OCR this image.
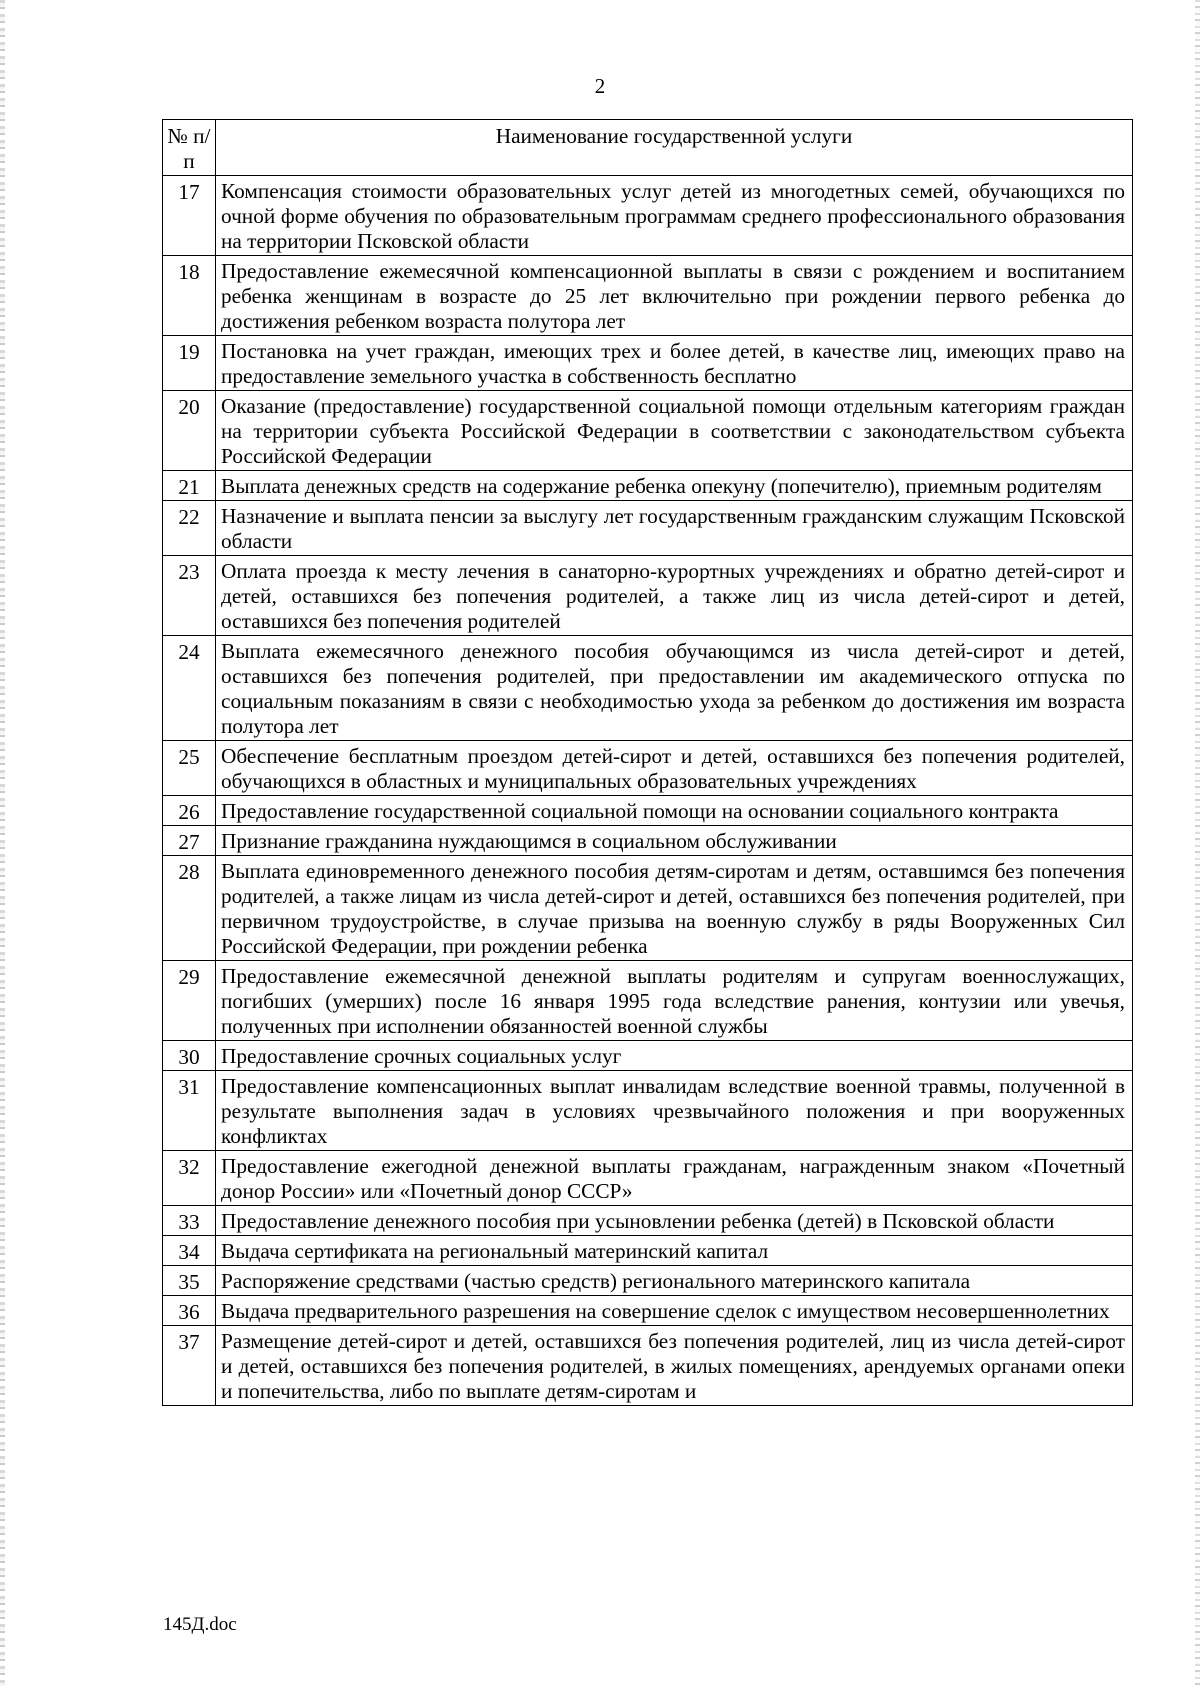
2
№ п/п	Наименование государственной услуги
17	Компенсация стоимости образовательных услуг детей из многодетных семей, обучающихся по очной форме обучения по образовательным программам среднего профессионального образования на территории Псковской области
18	Предоставление ежемесячной компенсационной выплаты в связи с рождением и воспитанием ребенка женщинам в возрасте до 25 лет включительно при рождении первого ребенка до достижения ребенком возраста полутора лет
19	Постановка на учет граждан, имеющих трех и более детей, в качестве лиц, имеющих право на предоставление земельного участка в собственность бесплатно
20	Оказание (предоставление) государственной социальной помощи отдельным категориям граждан на территории субъекта Российской Федерации в соответствии с законодательством субъекта Российской Федерации
21	Выплата денежных средств на содержание ребенка опекуну (попечителю), приемным родителям
22	Назначение и выплата пенсии за выслугу лет государственным гражданским служащим Псковской области
23	Оплата проезда к месту лечения в санаторно-курортных учреждениях и обратно детей-сирот и детей, оставшихся без попечения родителей, а также лиц из числа детей-сирот и детей, оставшихся без попечения родителей
24	Выплата ежемесячного денежного пособия обучающимся из числа детей-сирот и детей, оставшихся без попечения родителей, при предоставлении им академического отпуска по социальным показаниям в связи с необходимостью ухода за ребенком до достижения им возраста полутора лет
25	Обеспечение бесплатным проездом детей-сирот и детей, оставшихся без попечения родителей, обучающихся в областных и муниципальных образовательных учреждениях
26	Предоставление государственной социальной помощи на основании социального контракта
27	Признание гражданина нуждающимся в социальном обслуживании
28	Выплата единовременного денежного пособия детям-сиротам и детям, оставшимся без попечения родителей, а также лицам из числа детей-сирот и детей, оставшихся без попечения родителей, при первичном трудоустройстве, в случае призыва на военную службу в ряды Вооруженных Сил Российской Федерации, при рождении ребенка
29	Предоставление ежемесячной денежной выплаты родителям и супругам военнослужащих, погибших (умерших) после 16 января 1995 года вследствие ранения, контузии или увечья, полученных при исполнении обязанностей военной службы
30	Предоставление срочных социальных услуг
31	Предоставление компенсационных выплат инвалидам вследствие военной травмы, полученной в результате выполнения задач в условиях чрезвычайного положения и при вооруженных конфликтах
32	Предоставление ежегодной денежной выплаты гражданам, награжденным знаком «Почетный донор России» или «Почетный донор СССР»
33	Предоставление денежного пособия при усыновлении ребенка (детей) в Псковской области
34	Выдача сертификата на региональный материнский капитал
35	Распоряжение средствами (частью средств) регионального материнского капитала
36	Выдача предварительного разрешения на совершение сделок с имуществом несовершеннолетних
37	Размещение детей-сирот и детей, оставшихся без попечения родителей, лиц из числа детей-сирот и детей, оставшихся без попечения родителей, в жилых помещениях, арендуемых органами опеки и попечительства, либо по выплате детям-сиротам и
145Д.doc
